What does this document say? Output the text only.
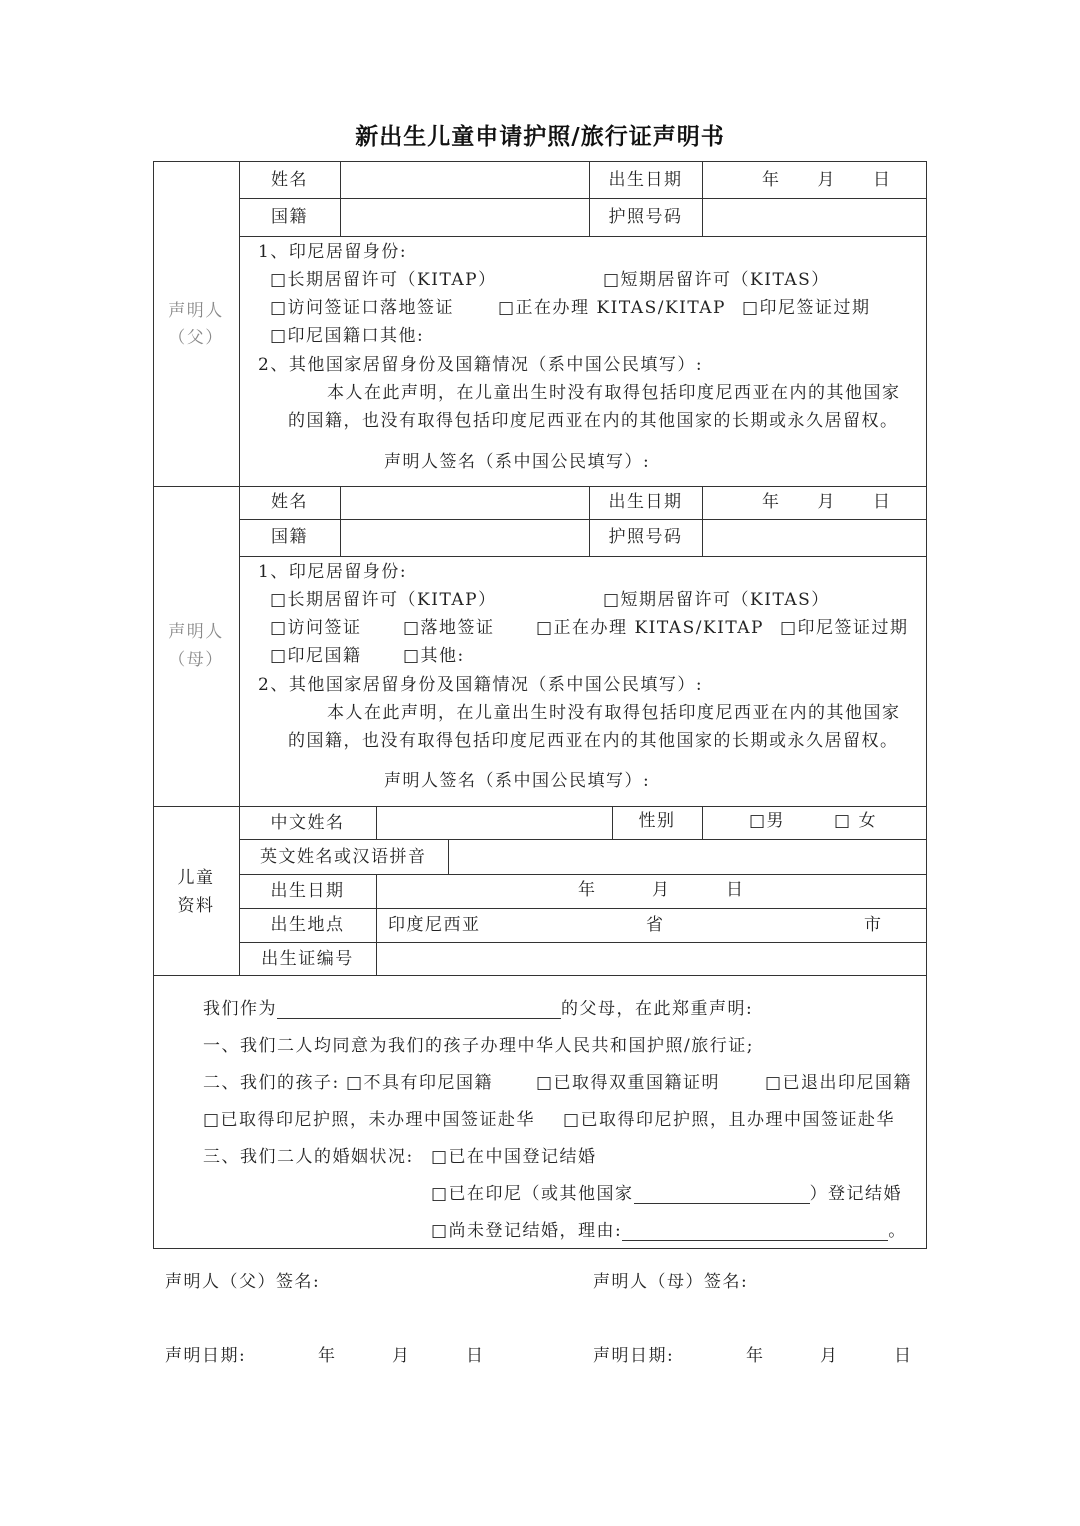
新出生儿童申请护照/旅行证声明书
声明人
（父）
姓名	出生日期	年　　月　　日
国籍	护照号码
1、印尼居留身份:
□长期居留许可（KITAP）	□短期居留许可（KITAS）
□访问签证口落地签证	□正在办理 KITAS/KITAP □印尼签证过期
□印尼国籍口其他:
2、其他国家居留身份及国籍情况（系中国公民填写）:
本人在此声明，在儿童出生时没有取得包括印度尼西亚在内的其他国家
的国籍，也没有取得包括印度尼西亚在内的其他国家的长期或永久居留权。
声明人签名（系中国公民填写）:
声明人
（母）
姓名	出生日期	年　　月　　日
国籍	护照号码
1、印尼居留身份:
□长期居留许可（KITAP）	□短期居留许可（KITAS）
□访问签证 □落地签证 □正在办理 KITAS/KITAP □印尼签证过期
□印尼国籍 □其他:
2、其他国家居留身份及国籍情况（系中国公民填写）:
本人在此声明，在儿童出生时没有取得包括印度尼西亚在内的其他国家
的国籍，也没有取得包括印度尼西亚在内的其他国家的长期或永久居留权。
声明人签名（系中国公民填写）:
儿童
资料
中文姓名	性别	□男	□ 女
英文姓名或汉语拼音
出生日期	年　　　月　　　日
出生地点	印度尼西亚	省	市
出生证编号
我们作为	的父母，在此郑重声明:
一、我们二人均同意为我们的孩子办理中华人民共和国护照/旅行证;
二、我们的孩子: □不具有印尼国籍	□已取得双重国籍证明	□已退出印尼国籍
□已取得印尼护照，未办理中国签证赴华 □已取得印尼护照，且办理中国签证赴华
三、我们二人的婚姻状况: □已在中国登记结婚
□已在印尼（或其他国家	）登记结婚
□尚未登记结婚，理由:	。
声明人（父）签名:	声明人（母）签名:
声明日期:	年　　　月　　　日	声明日期:	年　　　月　　　日
